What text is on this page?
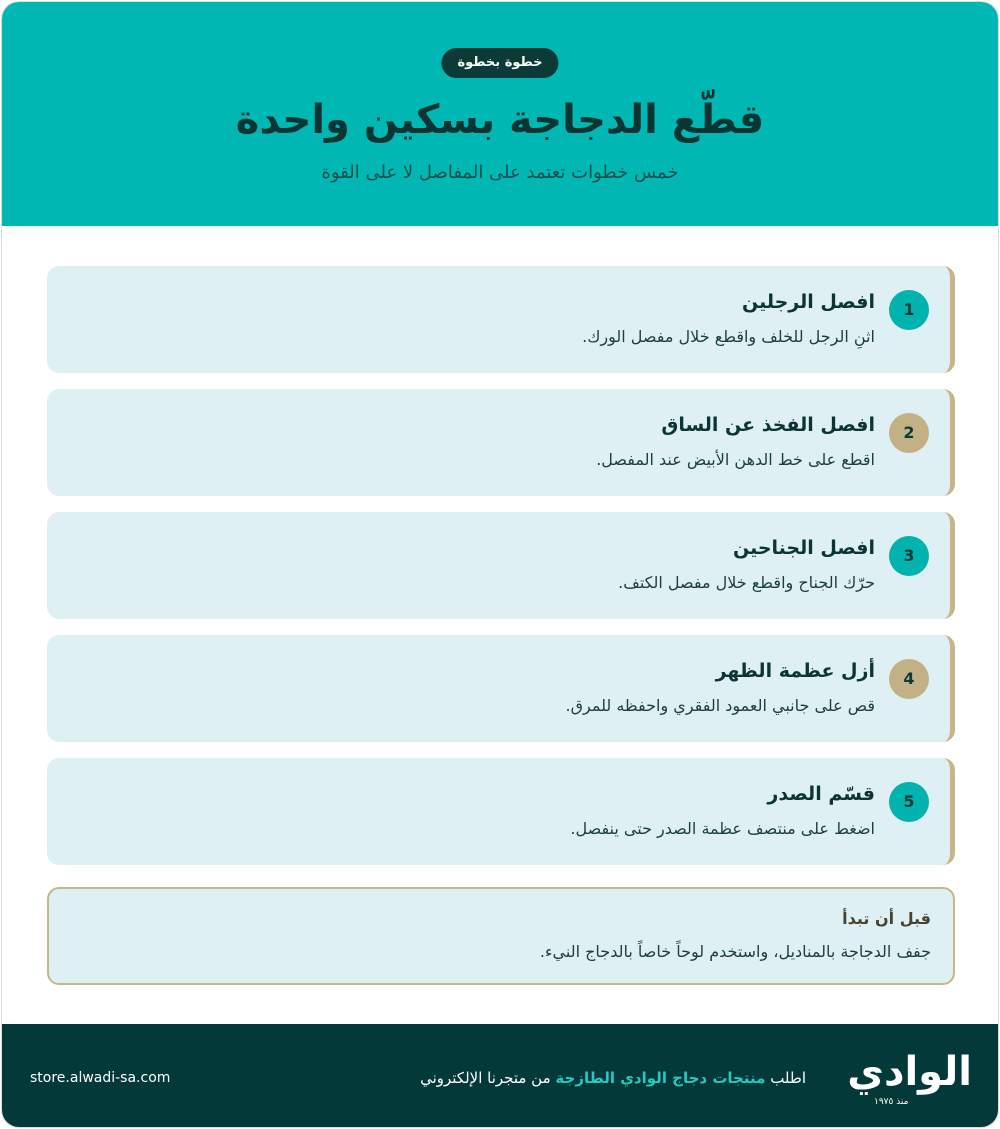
خطوة بخطوة
قطّع الدجاجة بسكين واحدة

خمس خطوات تعتمد على المفاصل لا على القوة

1
افصل الرجلين
اثنِ الرجل للخلف واقطع خلال مفصل الورك.
2
افصل الفخذ عن الساق
اقطع على خط الدهن الأبيض عند المفصل.
3
افصل الجناحين
حرّك الجناح واقطع خلال مفصل الكتف.
4
أزل عظمة الظهر
قص على جانبي العمود الفقري واحفظه للمرق.
5
قسّم الصدر
اضغط على منتصف عظمة الصدر حتى ينفصل.
قبل أن تبدأ
جفف الدجاجة بالمناديل، واستخدم لوحاً خاصاً بالدجاج النيء.
الوادي
منذ ١٩٧٥
اطلب منتجات دجاج الوادي الطازجة من متجرنا الإلكتروني
store.alwadi-sa.com
